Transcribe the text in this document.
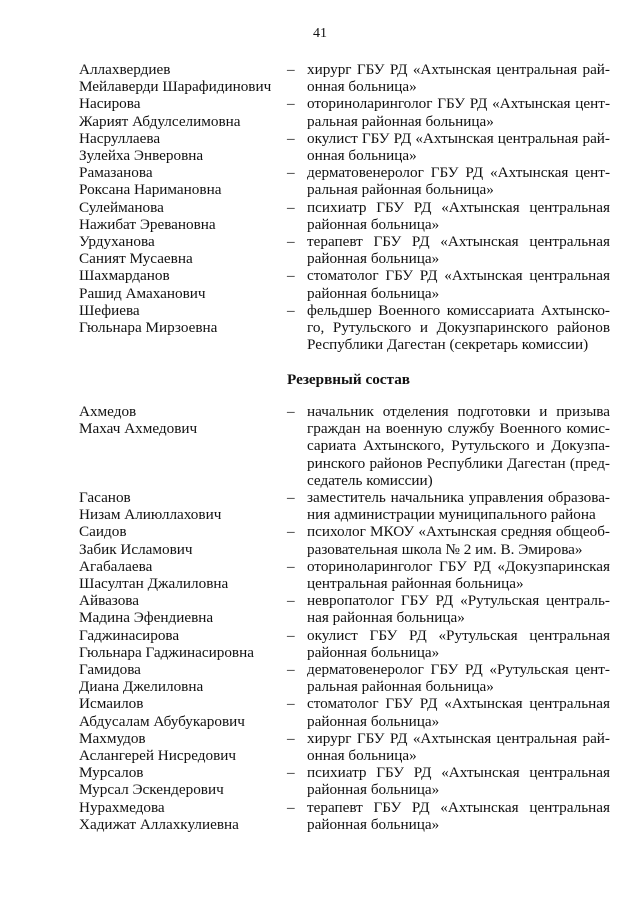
41
Аллахвердиев
Мейлаверди Шарафидинович
– хирург ГБУ РД «Ахтынская центральная рай-
онная больница»
Насирова
Жарият Абдулселимовна
– оториноларинголог ГБУ РД «Ахтынская цент-
ральная районная больница»
Насруллаева
Зулейха Энверовна
– окулист ГБУ РД «Ахтынская центральная рай-
онная больница»
Рамазанова
Роксана Наримановна
– дерматовенеролог ГБУ РД «Ахтынская цент-
ральная районная больница»
Сулейманова
Нажибат Эревановна
– психиатр ГБУ РД «Ахтынская центральная
районная больница»
Урдуханова
Саният Мусаевна
– терапевт ГБУ РД «Ахтынская центральная
районная больница»
Шахмарданов
Рашид Амаханович
– стоматолог ГБУ РД «Ахтынская центральная
районная больница»
Шефиева
Гюльнара Мирзоевна
– фельдшер Военного комиссариата Ахтынско-
го, Рутульского и Докузпаринского районов
Республики Дагестан (секретарь комиссии)
Резервный состав
Ахмедов
Махач Ахмедович
– начальник отделения подготовки и призыва
граждан на военную службу Военного комис-
сариата Ахтынского, Рутульского и Докузпа-
ринского районов Республики Дагестан (пред-
седатель комиссии)
Гасанов
Низам Алиюллахович
– заместитель начальника управления образова-
ния администрации муниципального района
Саидов
Забик Исламович
– психолог МКОУ «Ахтынская средняя общеоб-
разовательная школа № 2 им. В. Эмирова»
Агабалаева
Шасултан Джалиловна
– оториноларинголог ГБУ РД «Докузпаринская
центральная районная больница»
Айвазова
Мадина Эфендиевна
– невропатолог ГБУ РД «Рутульская централь-
ная районная больница»
Гаджинасирова
Гюльнара Гаджинасировна
– окулист ГБУ РД «Рутульская центральная
районная больница»
Гамидова
Диана Джелиловна
– дерматовенеролог ГБУ РД «Рутульская цент-
ральная районная больница»
Исмаилов
Абдусалам Абубукарович
– стоматолог ГБУ РД «Ахтынская центральная
районная больница»
Махмудов
Аслангерей Нисредович
– хирург ГБУ РД «Ахтынская центральная рай-
онная больница»
Мурсалов
Мурсал Эскендерович
– психиатр ГБУ РД «Ахтынская центральная
районная больница»
Нурахмедова
Хадижат Аллахкулиевна
– терапевт ГБУ РД «Ахтынская центральная
районная больница»
